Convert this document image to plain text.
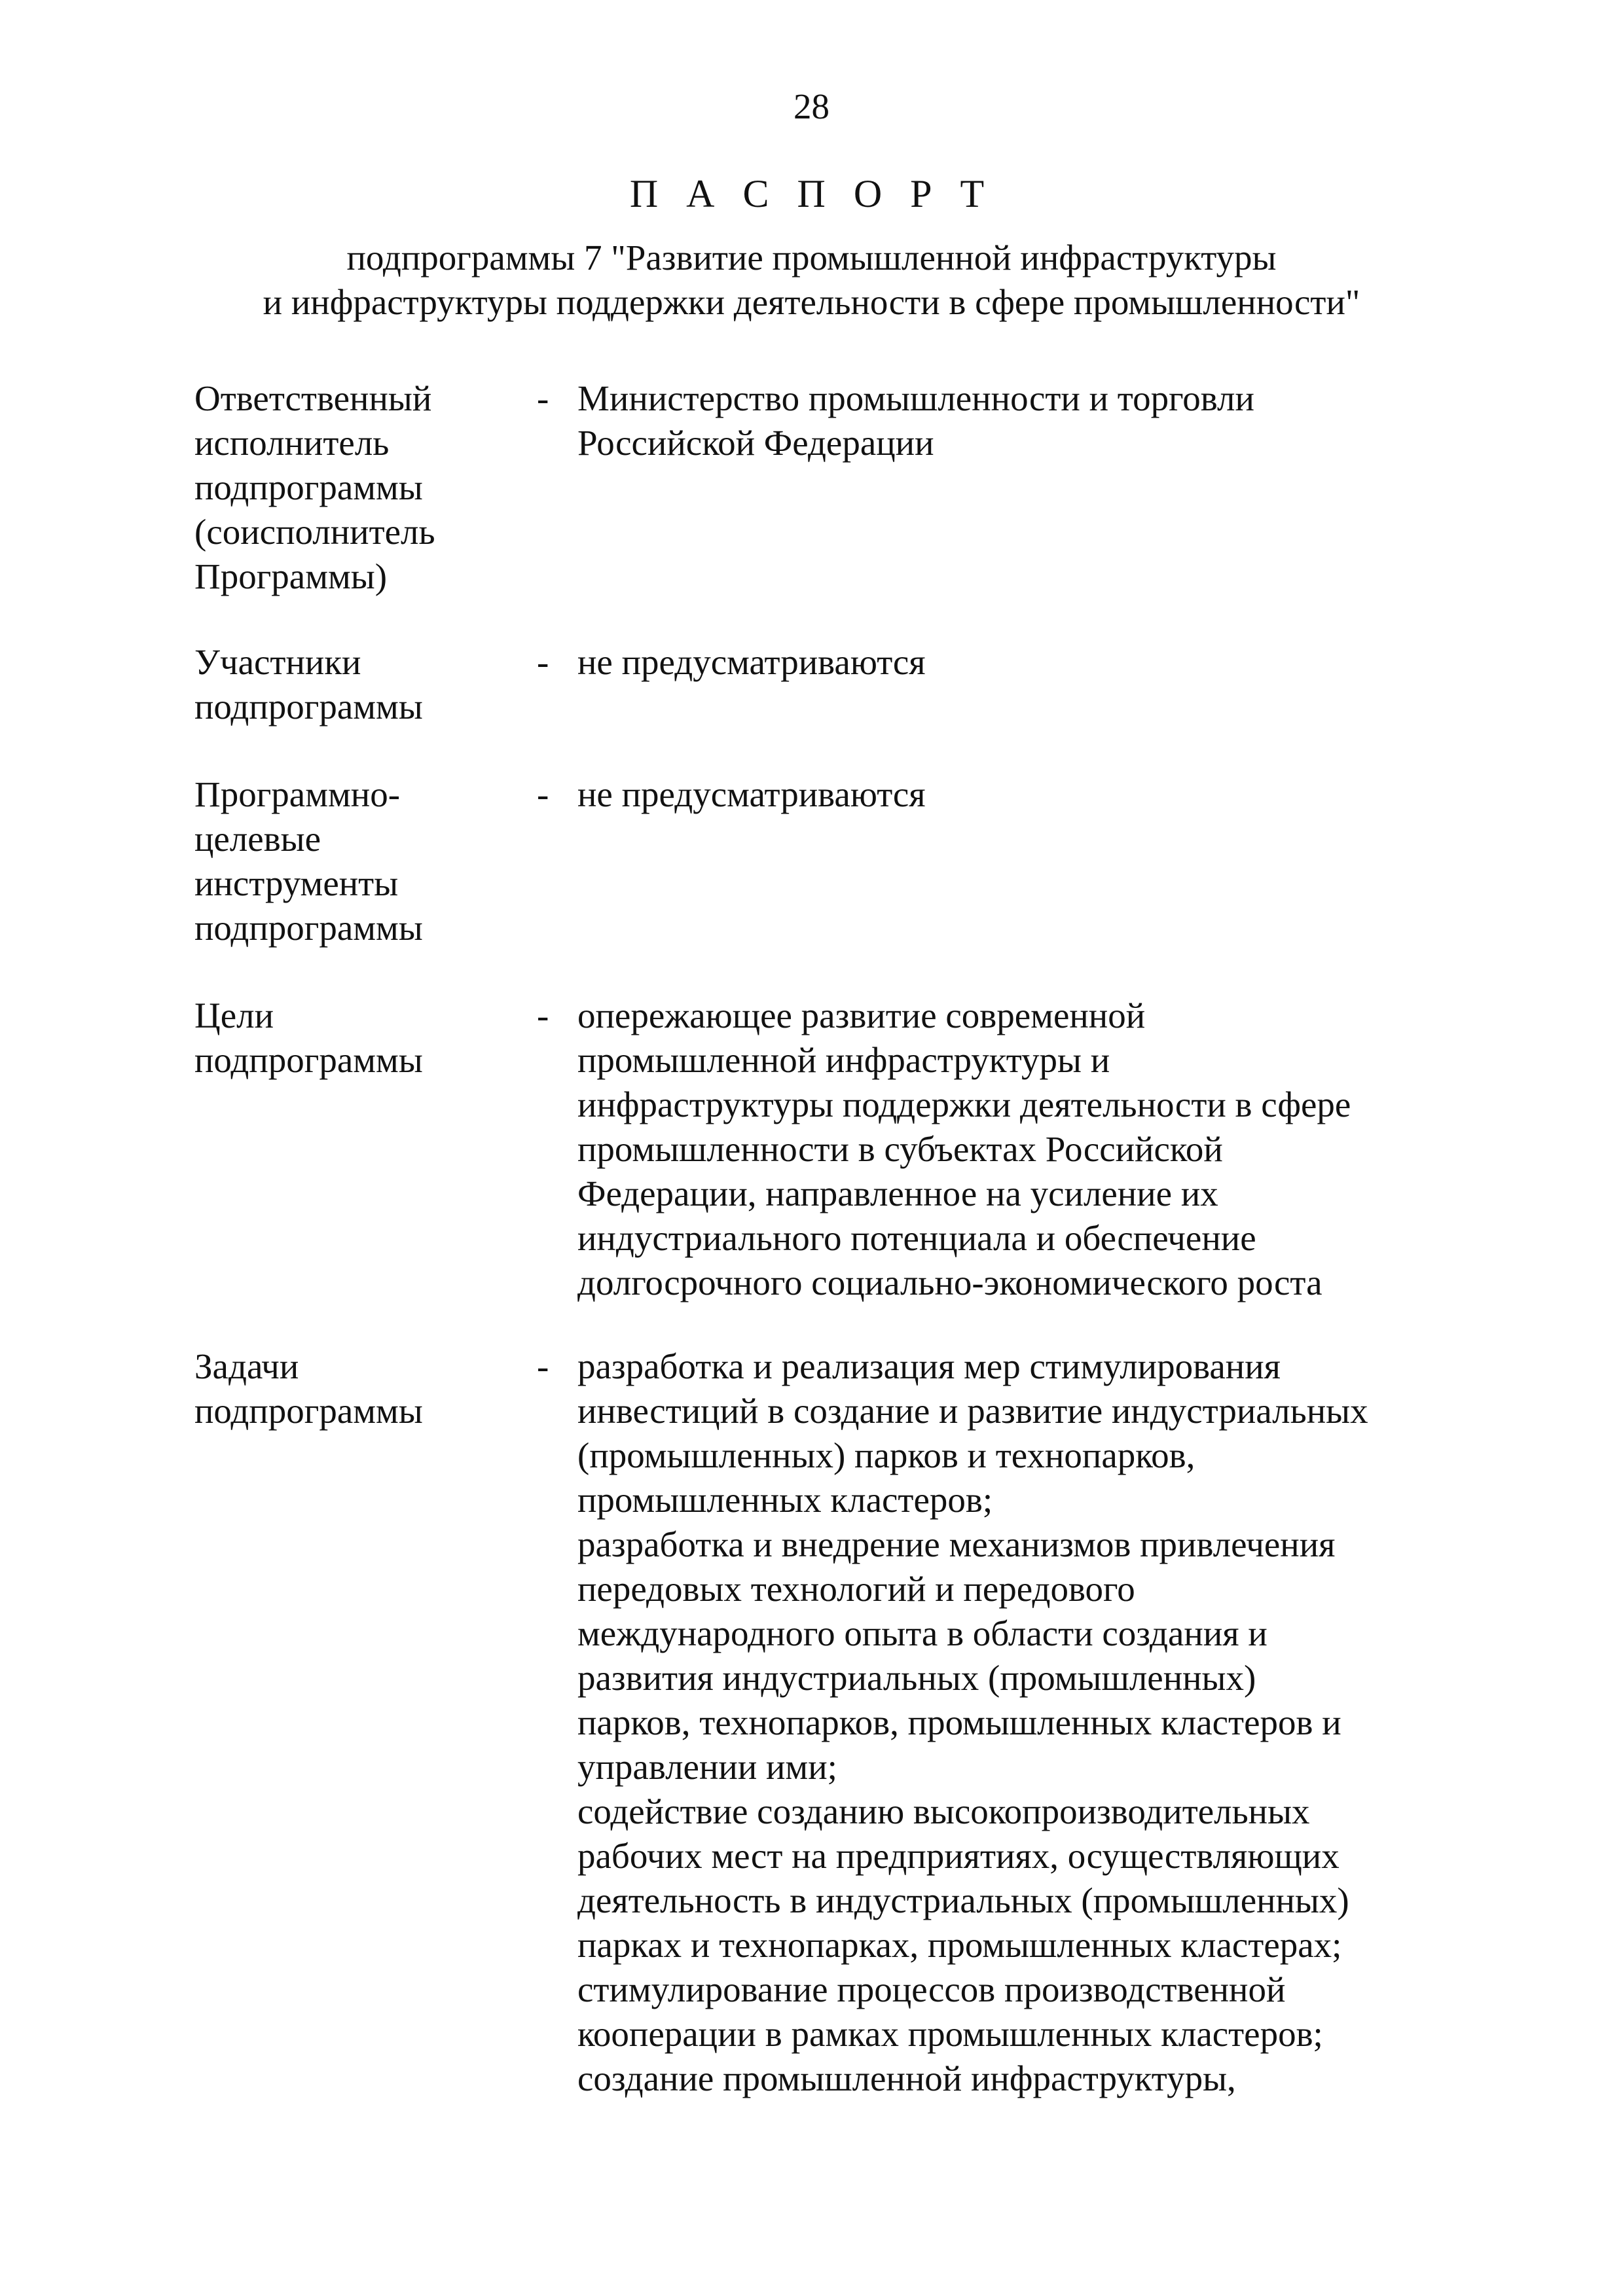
28
П А С П О Р Т
подпрограммы 7 "Развитие промышленной инфраструктуры
и инфраструктуры поддержки деятельности в сфере промышленности"
Ответственный
исполнитель
подпрограммы
(соисполнитель
Программы)
- Министерство промышленности и торговли
Российской Федерации
Участники
подпрограммы
- не предусматриваются
Программно-
целевые
инструменты
подпрограммы
- не предусматриваются
Цели
подпрограммы
- опережающее развитие современной
промышленной инфраструктуры и
инфраструктуры поддержки деятельности в сфере
промышленности в субъектах Российской
Федерации, направленное на усиление их
индустриального потенциала и обеспечение
долгосрочного социально-экономического роста
Задачи
подпрограммы
- разработка и реализация мер стимулирования
инвестиций в создание и развитие индустриальных
(промышленных) парков и технопарков,
промышленных кластеров;
разработка и внедрение механизмов привлечения
передовых технологий и передового
международного опыта в области создания и
развития индустриальных (промышленных)
парков, технопарков, промышленных кластеров и
управлении ими;
содействие созданию высокопроизводительных
рабочих мест на предприятиях, осуществляющих
деятельность в индустриальных (промышленных)
парках и технопарках, промышленных кластерах;
стимулирование процессов производственной
кооперации в рамках промышленных кластеров;
создание промышленной инфраструктуры,
